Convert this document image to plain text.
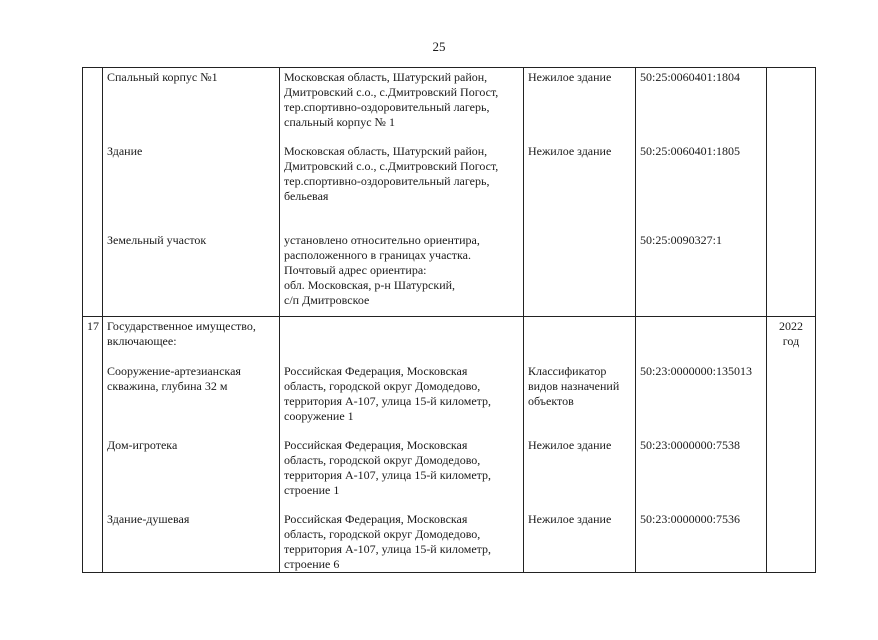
25
	Спальный корпус №1	Московская область, Шатурский район,
Дмитровский с.о., с.Дмитровский Погост,
тер.спортивно-оздоровительный лагерь,
спальный корпус № 1	Нежилое здание	50:25:0060401:1804	
	Здание	Московская область, Шатурский район,
Дмитровский с.о., с.Дмитровский Погост,
тер.спортивно-оздоровительный лагерь,
бельевая	Нежилое здание	50:25:0060401:1805	
	Земельный участок	установлено относительно ориентира,
расположенного в границах участка.
Почтовый адрес ориентира:
обл. Московская, р-н Шатурский,
с/п Дмитровское		50:25:0090327:1	
17	Государственное имущество,
включающее:				2022 год
	Сооружение-артезианская
скважина, глубина 32 м	Российская Федерация, Московская
область, городской округ Домодедово,
территория А-107, улица 15-й километр,
сооружение 1	Классификатор
видов назначений
объектов	50:23:0000000:135013	
	Дом-игротека	Российская Федерация, Московская
область, городской округ Домодедово,
территория А-107, улица 15-й километр,
строение 1	Нежилое здание	50:23:0000000:7538	
	Здание-душевая	Российская Федерация, Московская
область, городской округ Домодедово,
территория А-107, улица 15-й километр,
строение 6	Нежилое здание	50:23:0000000:7536	
